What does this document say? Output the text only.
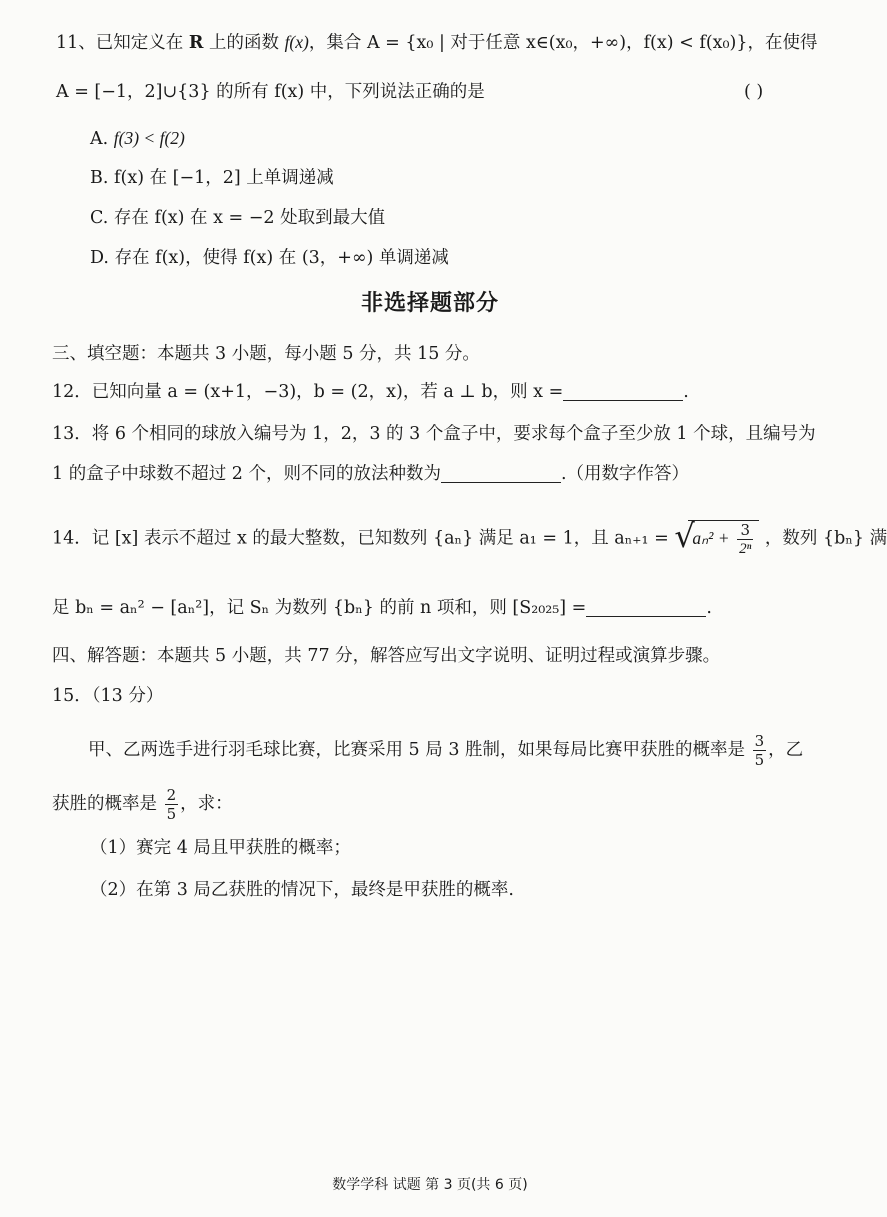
11、已知定义在 R 上的函数 f(x)，集合 A = {x₀ | 对于任意 x∈(x₀，+∞)，f(x) < f(x₀)}，在使得
A = [−1，2]∪{3} 的所有 f(x) 中，下列说法正确的是	( )
A. f(3) < f(2)
B. f(x) 在 [−1，2] 上单调递减
C. 存在 f(x) 在 x = −2 处取到最大值
D. 存在 f(x)，使得 f(x) 在 (3，+∞) 单调递减
非选择题部分
三、填空题：本题共 3 小题，每小题 5 分，共 15 分。
12．已知向量 a = (x+1，−3)，b = (2，x)，若 a ⊥ b，则 x =	.
13．将 6 个相同的球放入编号为 1，2，3 的 3 个盒子中，要求每个盒子至少放 1 个球，且编号为
1 的盒子中球数不超过 2 个，则不同的放法种数为	.（用数字作答）
14．记 [x] 表示不超过 x 的最大整数，已知数列 {aₙ} 满足 a₁ = 1，且 aₙ₊₁ = √
$a_n^2 + \frac{3}{\text{2ⁿ}}$ ，数列 {bₙ} 满
足 bₙ = aₙ² − [aₙ²]，记 Sₙ 为数列 {bₙ} 的前 n 项和，则 [S₂₀₂₅] =	.
四、解答题：本题共 5 小题，共 77 分，解答应写出文字说明、证明过程或演算步骤。
15．（13 分）
甲、乙两选手进行羽毛球比赛，比赛采用 5 局 3 胜制，如果每局比赛甲获胜的概率是 $\frac{3}{5}$ ，乙
获胜的概率是 $\frac{2}{5}$ ，求：
（1）赛完 4 局且甲获胜的概率；
（2）在第 3 局乙获胜的情况下，最终是甲获胜的概率.
数学学科 试题 第 3 页(共 6 页)
